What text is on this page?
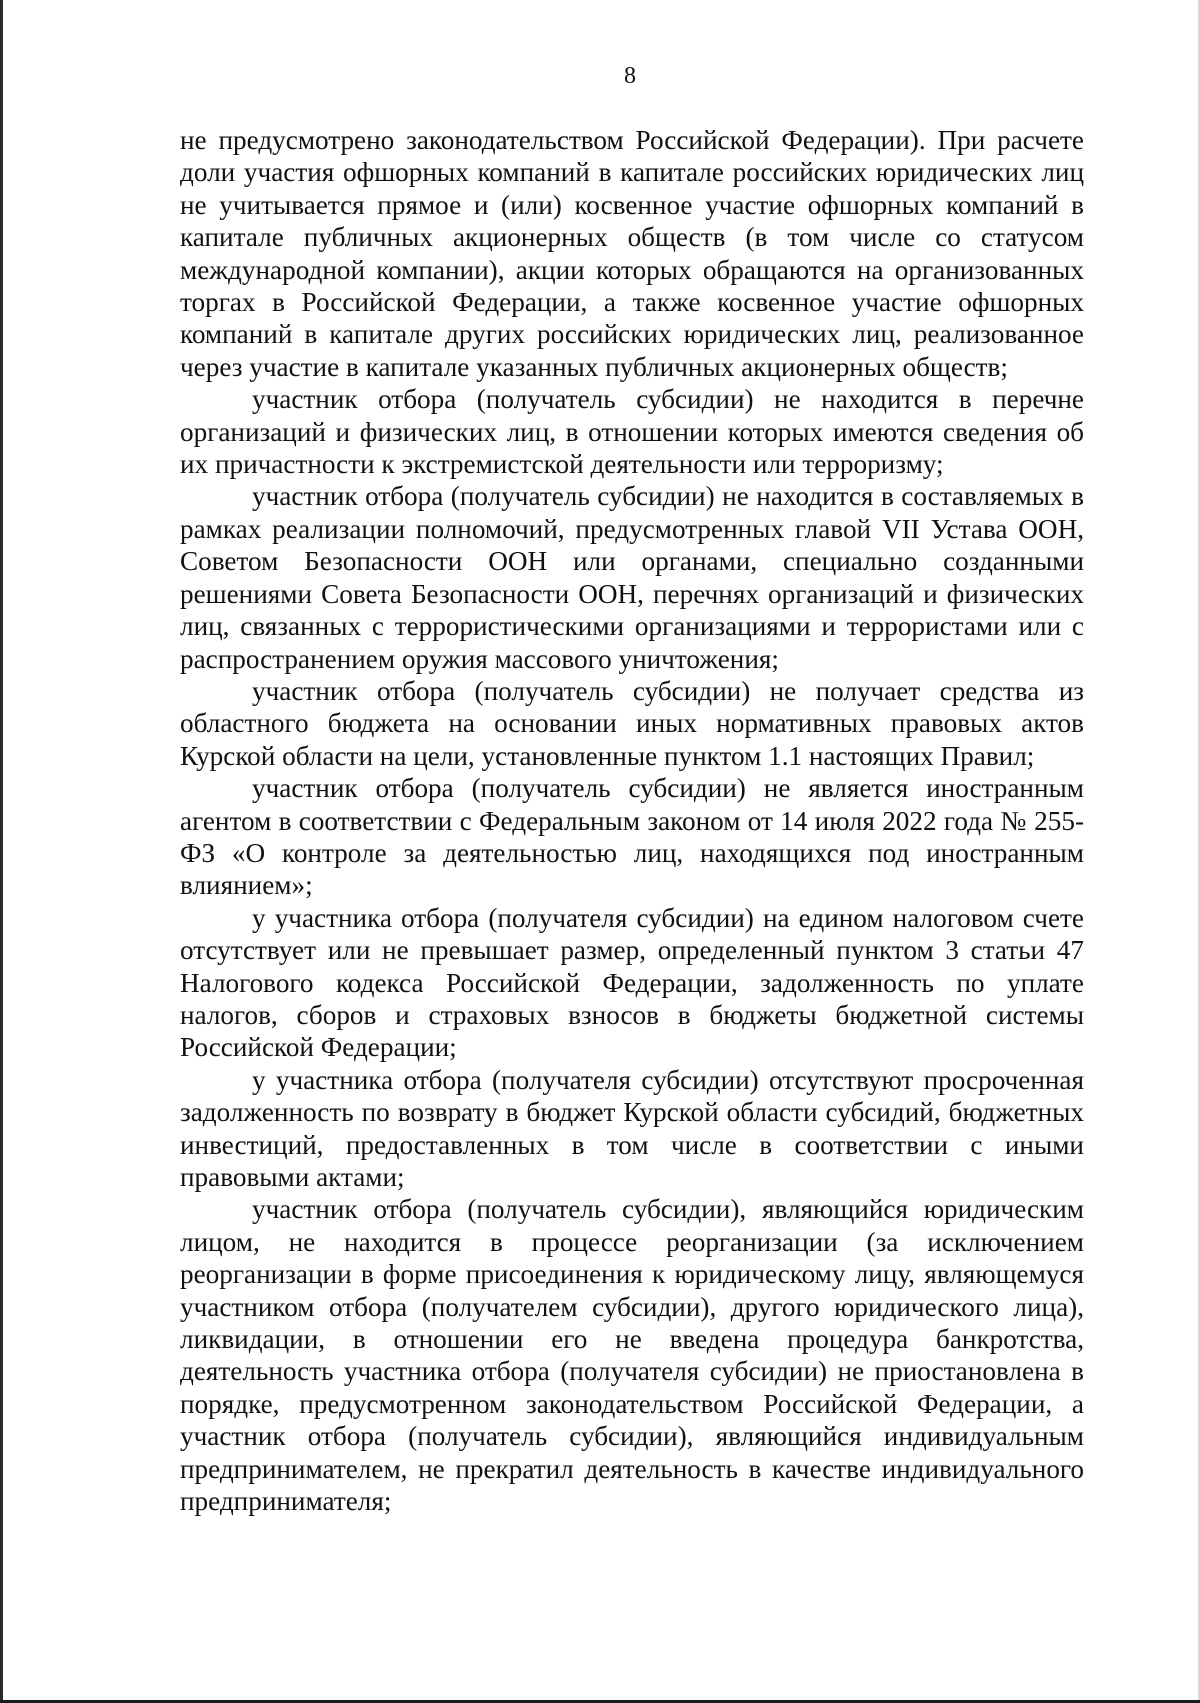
8

не предусмотрено законодательством Российской Федерации). При расчете доли участия офшорных компаний в капитале российских юридических лиц не учитывается прямое и (или) косвенное участие офшорных компаний в капитале публичных акционерных обществ (в том числе со статусом международной компании), акции которых обращаются на организованных торгах в Российской Федерации, а также косвенное участие офшорных компаний в капитале других российских юридических лиц, реализованное через участие в капитале указанных публичных акционерных обществ;

участник отбора (получатель субсидии) не находится в перечне организаций и физических лиц, в отношении которых имеются сведения об их причастности к экстремистской деятельности или терроризму;

участник отбора (получатель субсидии) не находится в составляемых в рамках реализации полномочий, предусмотренных главой VII Устава ООН, Советом Безопасности ООН или органами, специально созданными решениями Совета Безопасности ООН, перечнях организаций и физических лиц, связанных с террористическими организациями и террористами или с распространением оружия массового уничтожения;

участник отбора (получатель субсидии) не получает средства из областного бюджета на основании иных нормативных правовых актов Курской области на цели, установленные пунктом 1.1 настоящих Правил;

участник отбора (получатель субсидии) не является иностранным агентом в соответствии с Федеральным законом от 14 июля 2022 года № 255-ФЗ «О контроле за деятельностью лиц, находящихся под иностранным влиянием»;

у участника отбора (получателя субсидии) на едином налоговом счете отсутствует или не превышает размер, определенный пунктом 3 статьи 47 Налогового кодекса Российской Федерации, задолженность по уплате налогов, сборов и страховых взносов в бюджеты бюджетной системы Российской Федерации;

у участника отбора (получателя субсидии) отсутствуют просроченная задолженность по возврату в бюджет Курской области субсидий, бюджетных инвестиций, предоставленных в том числе в соответствии с иными правовыми актами;

участник отбора (получатель субсидии), являющийся юридическим лицом, не находится в процессе реорганизации (за исключением реорганизации в форме присоединения к юридическому лицу, являющемуся участником отбора (получателем субсидии), другого юридического лица), ликвидации, в отношении его не введена процедура банкротства, деятельность участника отбора (получателя субсидии) не приостановлена в порядке, предусмотренном законодательством Российской Федерации, а участник отбора (получатель субсидии), являющийся индивидуальным предпринимателем, не прекратил деятельность в качестве индивидуального предпринимателя;
